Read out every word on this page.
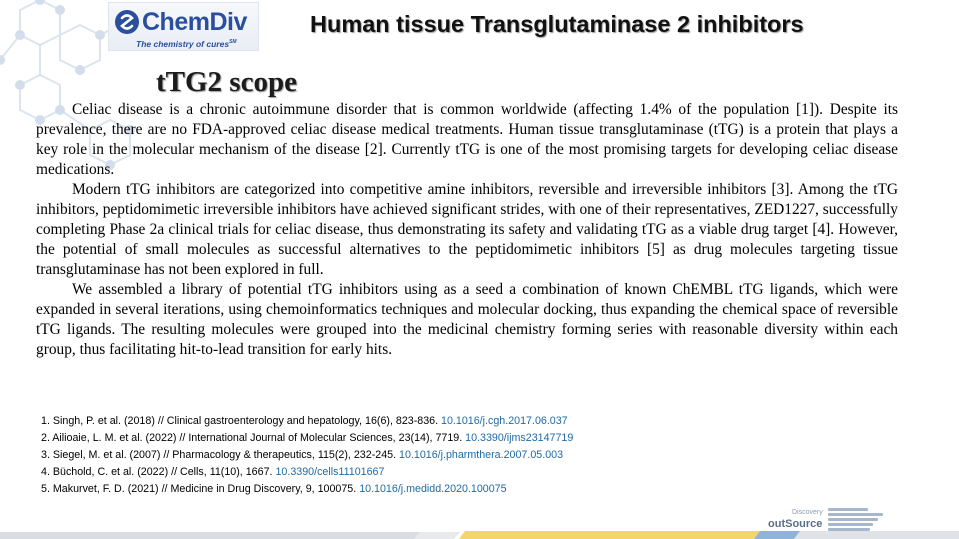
ChemDiv
The chemistry of cures℠
Human tissue Transglutaminase 2 inhibitors
tTG2 scope

Celiac disease is a chronic autoimmune disorder that is common worldwide (affecting 1.4% of the population [1]). Despite its prevalence, there are no FDA-approved celiac disease medical treatments. Human tissue transglutaminase (tTG) is a protein that plays a key role in the molecular mechanism of the disease [2]. Currently tTG is one of the most promising targets for developing celiac disease medications.

Modern tTG inhibitors are categorized into competitive amine inhibitors, reversible and irreversible inhibitors [3]. Among the tTG inhibitors, peptidomimetic irreversible inhibitors have achieved significant strides, with one of their representatives, ZED1227, successfully completing Phase 2a clinical trials for celiac disease, thus demonstrating its safety and validating tTG as a viable drug target [4]. However, the potential of small molecules as successful alternatives to the peptidomimetic inhibitors [5] as drug molecules targeting tissue transglutaminase has not been explored in full.

We assembled a library of potential tTG inhibitors using as a seed a combination of known ChEMBL tTG ligands, which were expanded in several iterations, using chemoinformatics techniques and molecular docking, thus expanding the chemical space of reversible tTG ligands. The resulting molecules were grouped into the medicinal chemistry forming series with reasonable diversity within each group, thus facilitating hit-to-lead transition for early hits.

1. Singh, P. et al. (2018) // Clinical gastroenterology and hepatology, 16(6), 823-836. 10.1016/j.cgh.2017.06.037
2. Ailioaie, L. M. et al. (2022) // International Journal of Molecular Sciences, 23(14), 7719. 10.3390/ijms23147719
3. Siegel, M. et al. (2007) // Pharmacology & therapeutics, 115(2), 232-245. 10.1016/j.pharmthera.2007.05.003
4. Büchold, C. et al. (2022) // Cells, 11(10), 1667. 10.3390/cells11101667
5. Makurvet, F. D. (2021) // Medicine in Drug Discovery, 9, 100075. 10.1016/j.medidd.2020.100075
Discovery
outSource
